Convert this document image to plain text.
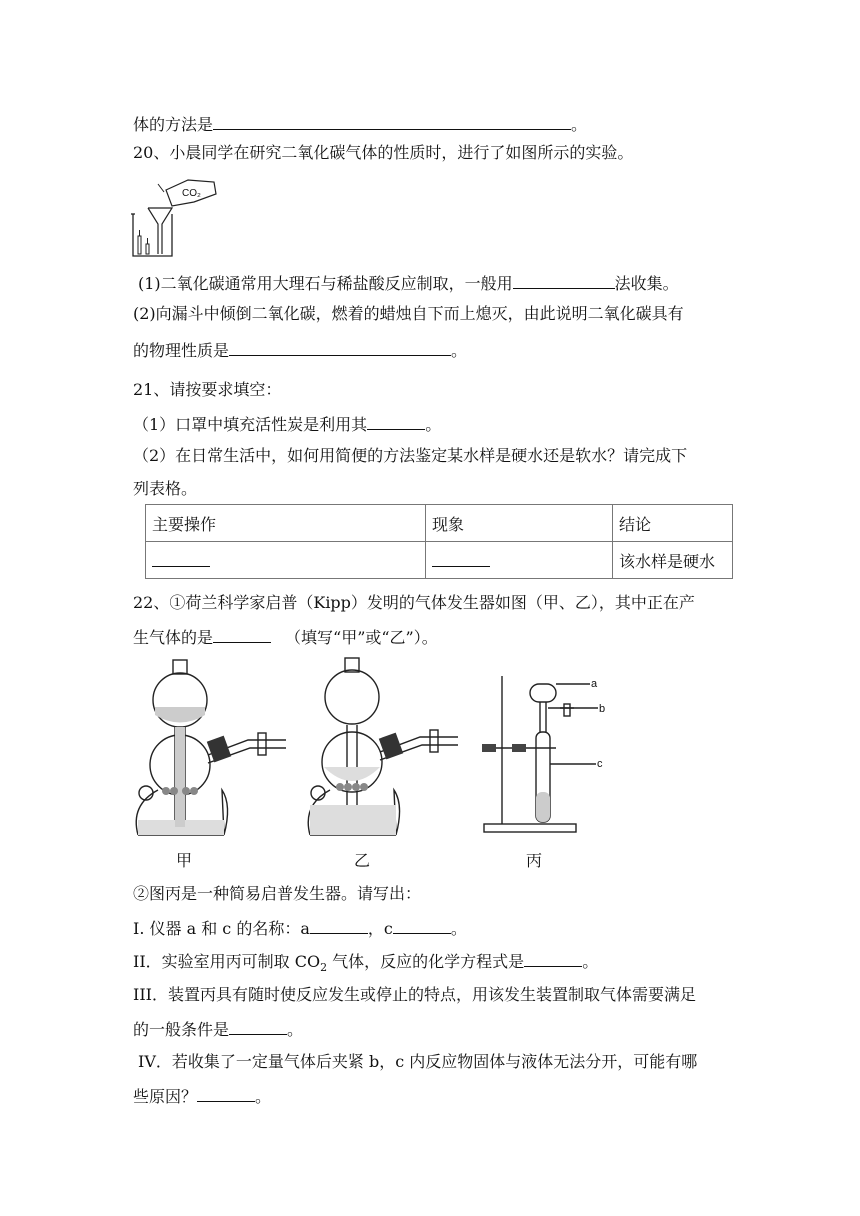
体的方法是	。
20、小晨同学在研究二氧化碳气体的性质时，进行了如图所示的实验。
CO₂
(1)二氧化碳通常用大理石与稀盐酸反应制取，一般用	法收集。
(2)向漏斗中倾倒二氧化碳，燃着的蜡烛自下而上熄灭，由此说明二氧化碳具有
的物理性质是	。
21、请按要求填空：
（1）口罩中填充活性炭是利用其	。
（2）在日常生活中，如何用简便的方法鉴定某水样是硬水还是软水？请完成下
列表格。
主要操作	现象	结论
		该水样是硬水
22、①荷兰科学家启普（Kipp）发明的气体发生器如图（甲、乙），其中正在产
生气体的是	（填写“甲”或“乙”）。
甲	乙
a
b
c
丙
②图丙是一种简易启普发生器。请写出：
I. 仪器 a 和 c 的名称：a	，c	。
II．实验室用丙可制取 $CO_2$ 气体，反应的化学方程式是	。
III．装置丙具有随时使反应发生或停止的特点，用该发生装置制取气体需要满足
的一般条件是	。
IV．若收集了一定量气体后夹紧 b，c 内反应物固体与液体无法分开，可能有哪
些原因？	。
